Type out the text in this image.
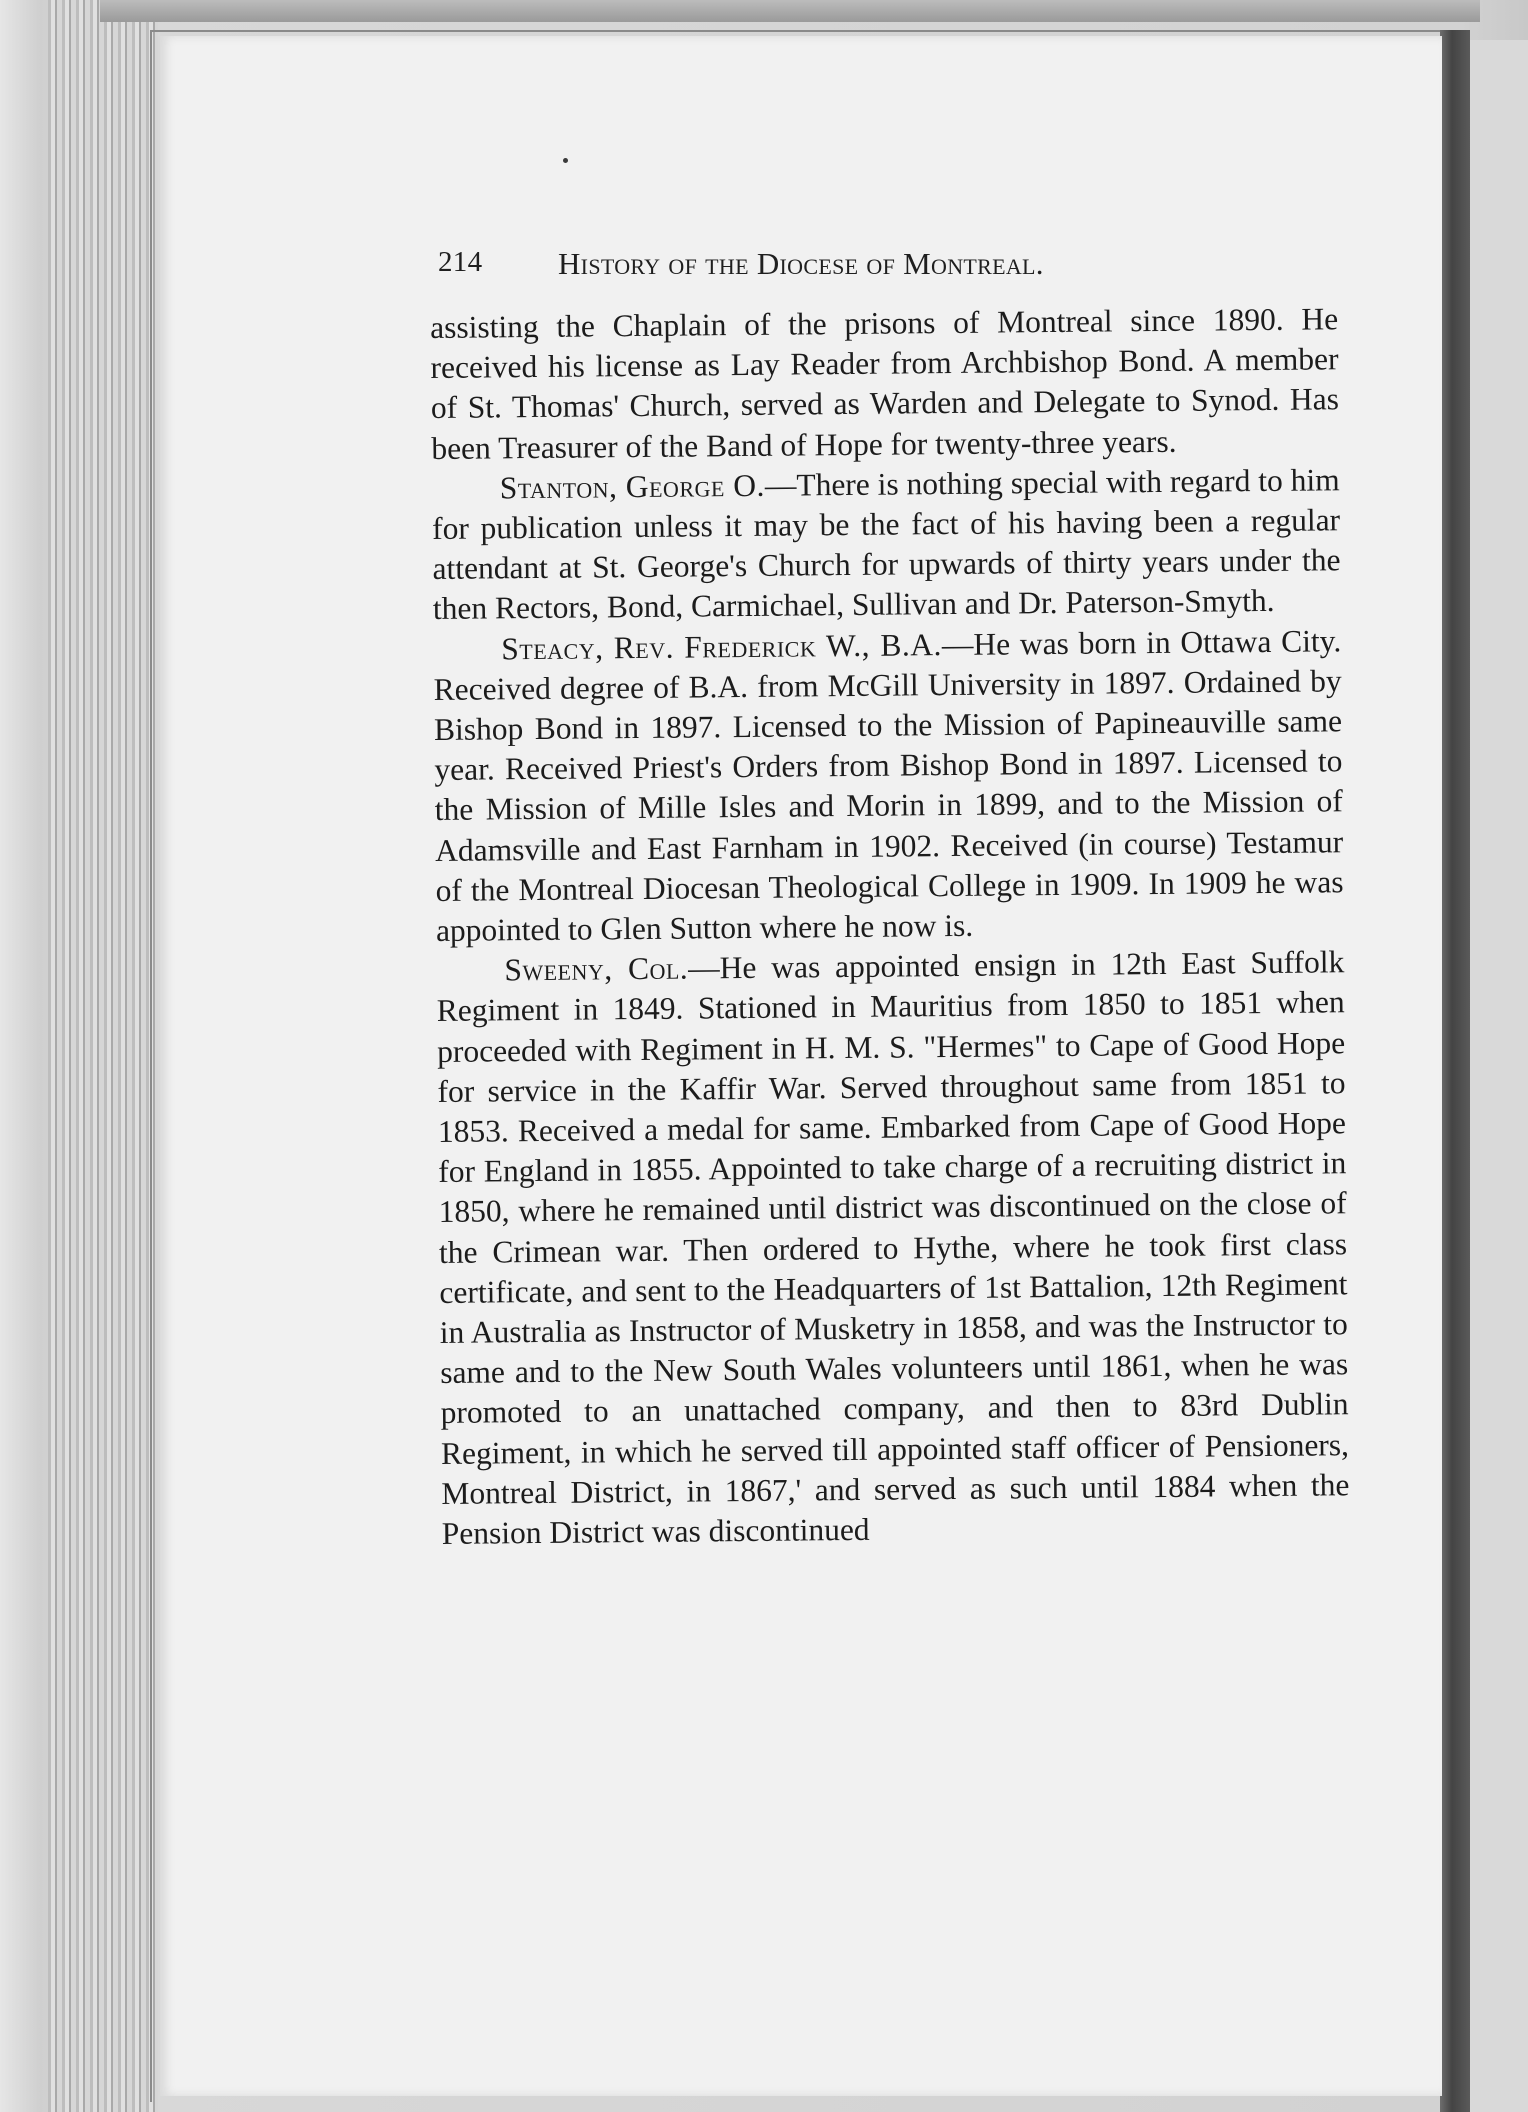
214 History of the Diocese of Montreal.

assisting the Chaplain of the prisons of Montreal since 1890. He received his license as Lay Reader from Archbishop Bond. A member of St. Thomas' Church, served as Warden and Delegate to Synod. Has been Treasurer of the Band of Hope for twenty-three years.

Stanton, George O.—There is nothing special with regard to him for publication unless it may be the fact of his having been a regular attendant at St. George's Church for upwards of thirty years under the then Rectors, Bond, Carmichael, Sullivan and Dr. Paterson-Smyth.

Steacy, Rev. Frederick W., B.A.—He was born in Ottawa City. Received degree of B.A. from McGill University in 1897. Ordained by Bishop Bond in 1897. Licensed to the Mission of Papineauville same year. Received Priest's Orders from Bishop Bond in 1897. Licensed to the Mission of Mille Isles and Morin in 1899, and to the Mission of Adamsville and East Farnham in 1902. Received (in course) Testamur of the Montreal Diocesan Theological College in 1909. In 1909 he was appointed to Glen Sutton where he now is.

Sweeny, Col.—He was appointed ensign in 12th East Suffolk Regiment in 1849. Stationed in Mauritius from 1850 to 1851 when proceeded with Regiment in H. M. S. "Hermes" to Cape of Good Hope for service in the Kaffir War. Served throughout same from 1851 to 1853. Received a medal for same. Embarked from Cape of Good Hope for England in 1855. Appointed to take charge of a recruiting district in 1850, where he remained until district was discontinued on the close of the Crimean war. Then ordered to Hythe, where he took first class certificate, and sent to the Headquarters of 1st Battalion, 12th Regiment in Australia as Instructor of Musketry in 1858, and was the Instructor to same and to the New South Wales volunteers until 1861, when he was promoted to an unattached company, and then to 83rd Dublin Regiment, in which he served till appointed staff officer of Pensioners, Montreal District, in 1867,' and served as such until 1884 when the Pension District was discontinued
